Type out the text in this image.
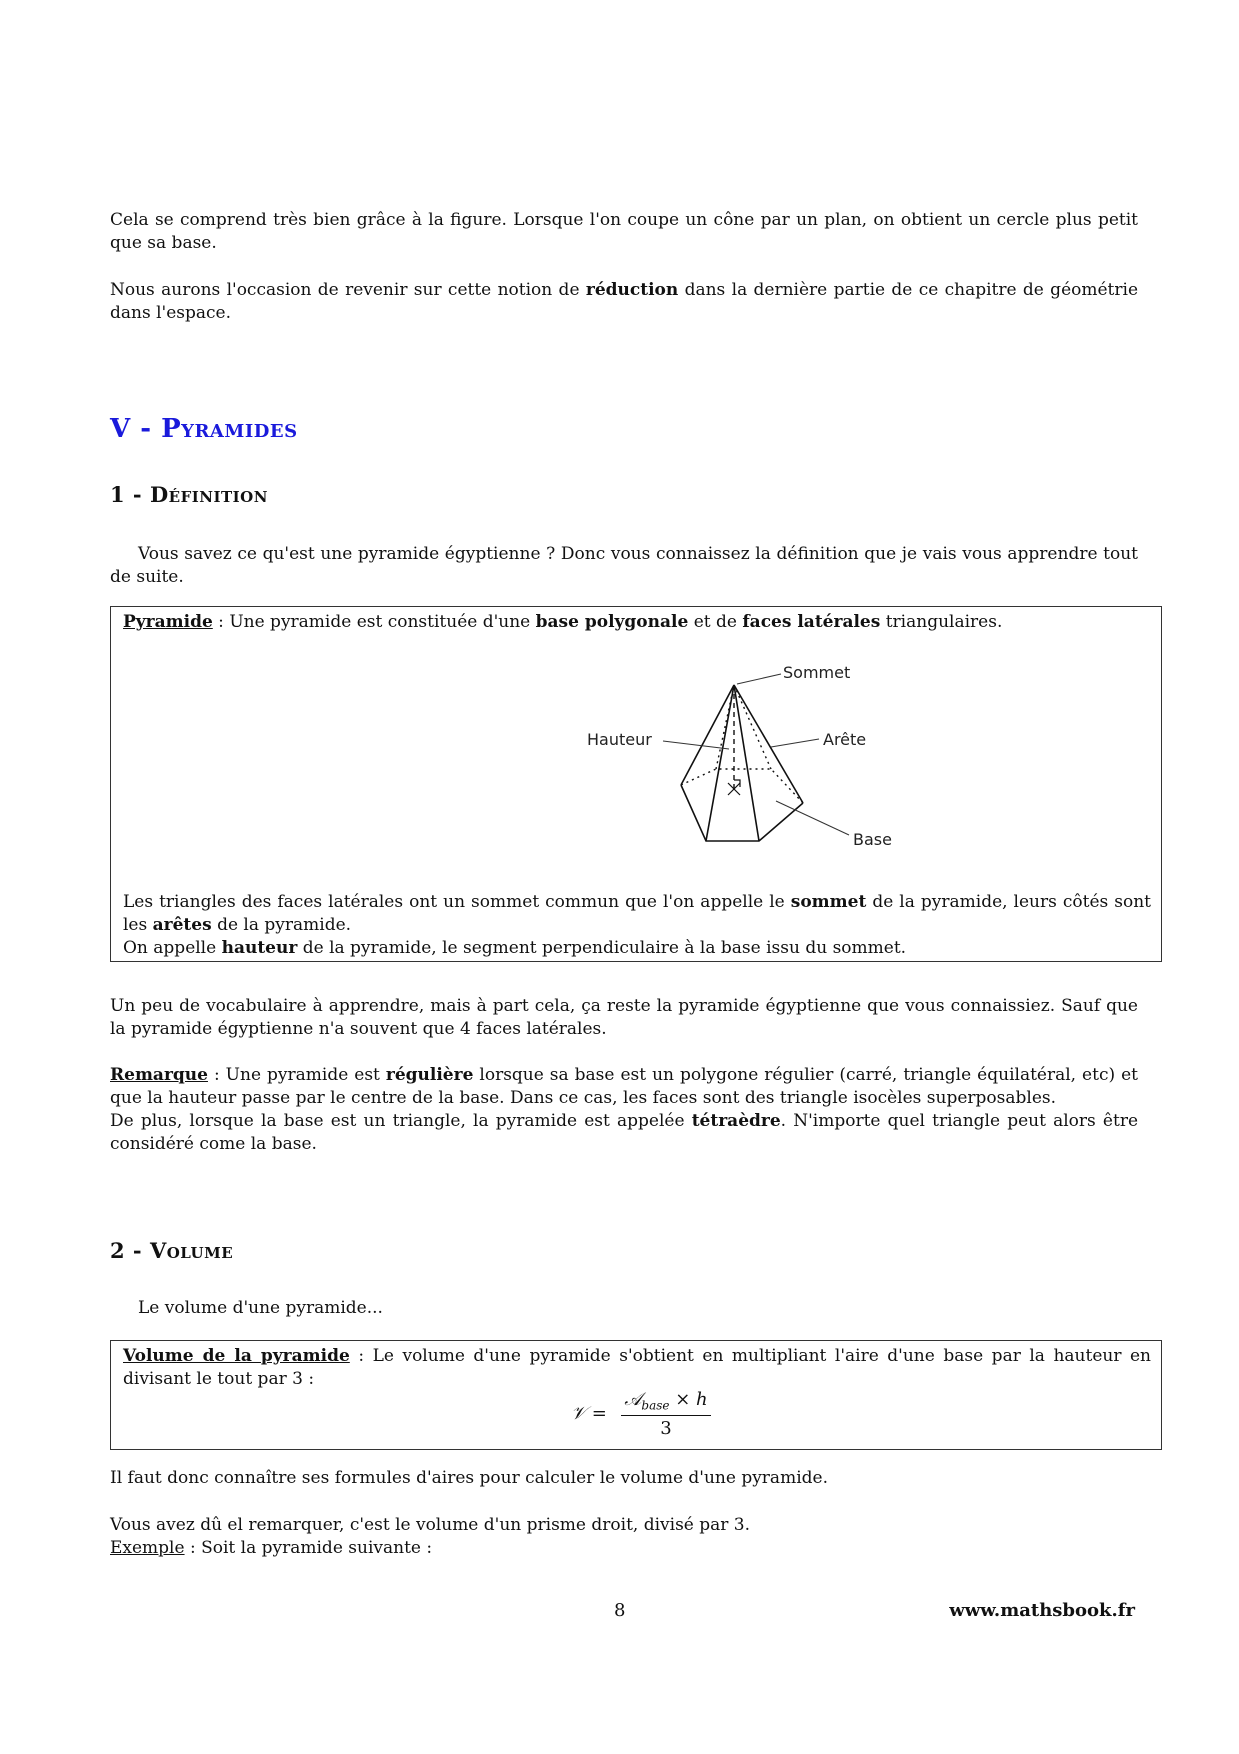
Cela se comprend très bien grâce à la figure. Lorsque l'on coupe un cône par un plan, on obtient un cercle plus petit que sa base.

Nous aurons l'occasion de revenir sur cette notion de réduction dans la dernière partie de ce chapitre de géométrie dans l'espace.

V - Pyramides
1 - Définition

Vous savez ce qu'est une pyramide égyptienne ? Donc vous connaissez la définition que je vais vous apprendre tout de suite.

Pyramide : Une pyramide est constituée d'une base polygonale et de faces latérales triangulaires.

Sommet
Hauteur	Arête
Base

Les triangles des faces latérales ont un sommet commun que l'on appelle le sommet de la pyramide, leurs côtés sont les arêtes de la pyramide.
On appelle hauteur de la pyramide, le segment perpendiculaire à la base issu du sommet.

Un peu de vocabulaire à apprendre, mais à part cela, ça reste la pyramide égyptienne que vous connaissiez. Sauf que la pyramide égyptienne n'a souvent que 4 faces latérales.

Remarque : Une pyramide est régulière lorsque sa base est un polygone régulier (carré, triangle équilatéral, etc) et que la hauteur passe par le centre de la base. Dans ce cas, les faces sont des triangle isocèles superposables.
De plus, lorsque la base est un triangle, la pyramide est appelée tétraèdre. N'importe quel triangle peut alors être considéré come la base.

2 - Volume

Le volume d'une pyramide...

Volume de la pyramide : Le volume d'une pyramide s'obtient en multipliant l'aire d'une base par la hauteur en divisant le tout par 3 :

𝒱 =
𝒜$_{base}$ × h
3

Il faut donc connaître ses formules d'aires pour calculer le volume d'une pyramide.

Vous avez dû el remarquer, c'est le volume d'un prisme droit, divisé par 3.
Exemple : Soit la pyramide suivante :

8	www.mathsbook.fr
